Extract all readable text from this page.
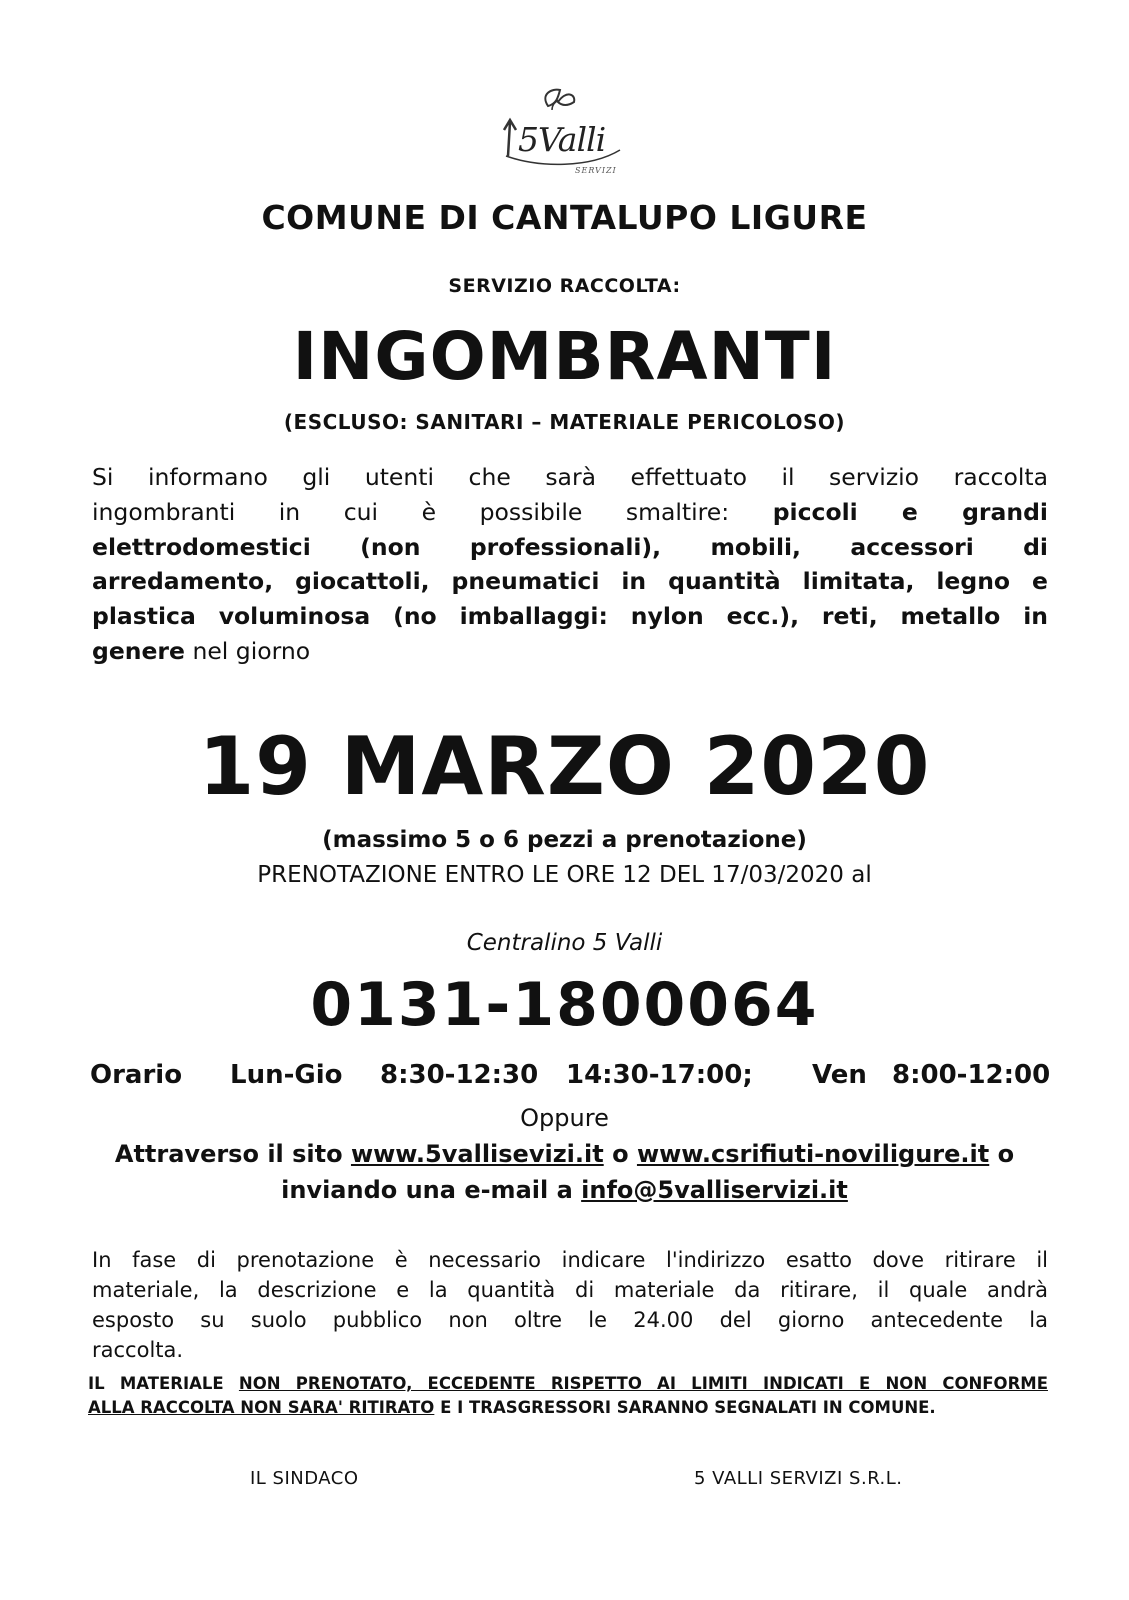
5Valli
SERVIZI
COMUNE DI CANTALUPO LIGURE
SERVIZIO RACCOLTA:
INGOMBRANTI
(ESCLUSO: SANITARI – MATERIALE PERICOLOSO)
Si informano gli utenti che sarà effettuato il servizio raccolta
ingombranti in cui è possibile smaltire: piccoli e grandi
elettrodomestici (non professionali), mobili, accessori di
arredamento, giocattoli, pneumatici in quantità limitata, legno e
plastica voluminosa (no imballaggi: nylon ecc.), reti, metallo in
genere nel giorno
19 MARZO 2020
(massimo 5 o 6 pezzi a prenotazione)
PRENOTAZIONE ENTRO LE ORE 12 DEL 17/03/2020 al
Centralino 5 Valli
0131-1800064
Orario Lun-Gio 8:30-12:30 14:30-17:00; Ven 8:00-12:00
Oppure
Attraverso il sito www.5vallisevizi.it o www.csrifiuti-noviligure.it o
inviando una e-mail a info@5valliservizi.it
In fase di prenotazione è necessario indicare l'indirizzo esatto dove ritirare il
materiale, la descrizione e la quantità di materiale da ritirare, il quale andrà
esposto su suolo pubblico non oltre le 24.00 del giorno antecedente la
raccolta.
IL MATERIALE NON PRENOTATO, ECCEDENTE RISPETTO AI LIMITI INDICATI E NON CONFORME
ALLA RACCOLTA NON SARA' RITIRATO E I TRASGRESSORI SARANNO SEGNALATI IN COMUNE.
IL SINDACO	5 VALLI SERVIZI S.R.L.
